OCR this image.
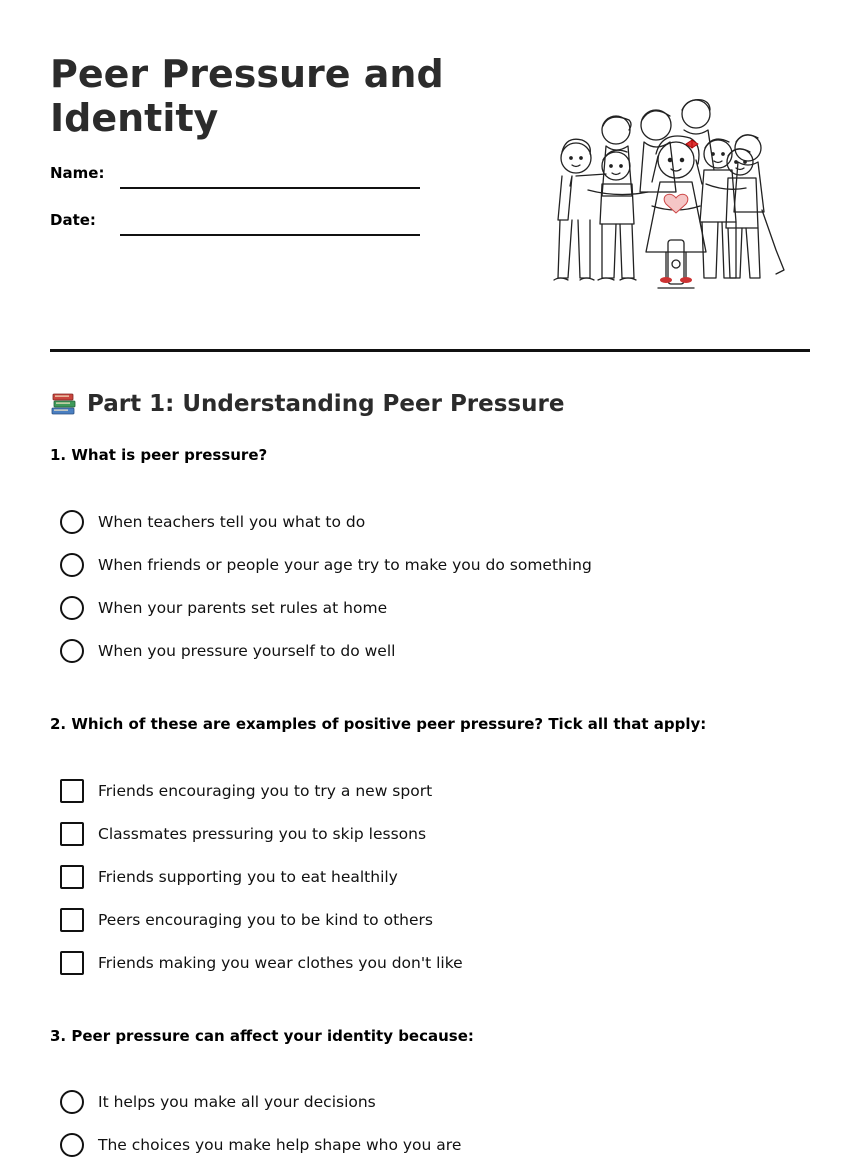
Peer Pressure and Identity
Name:
Date:
Part 1: Understanding Peer Pressure

1. What is peer pressure?

When teachers tell you what to do
When friends or people your age try to make you do something
When your parents set rules at home
When you pressure yourself to do well

2. Which of these are examples of positive peer pressure? Tick all that apply:

Friends encouraging you to try a new sport
Classmates pressuring you to skip lessons
Friends supporting you to eat healthily
Peers encouraging you to be kind to others
Friends making you wear clothes you don't like

3. Peer pressure can affect your identity because:

It helps you make all your decisions
The choices you make help shape who you are
